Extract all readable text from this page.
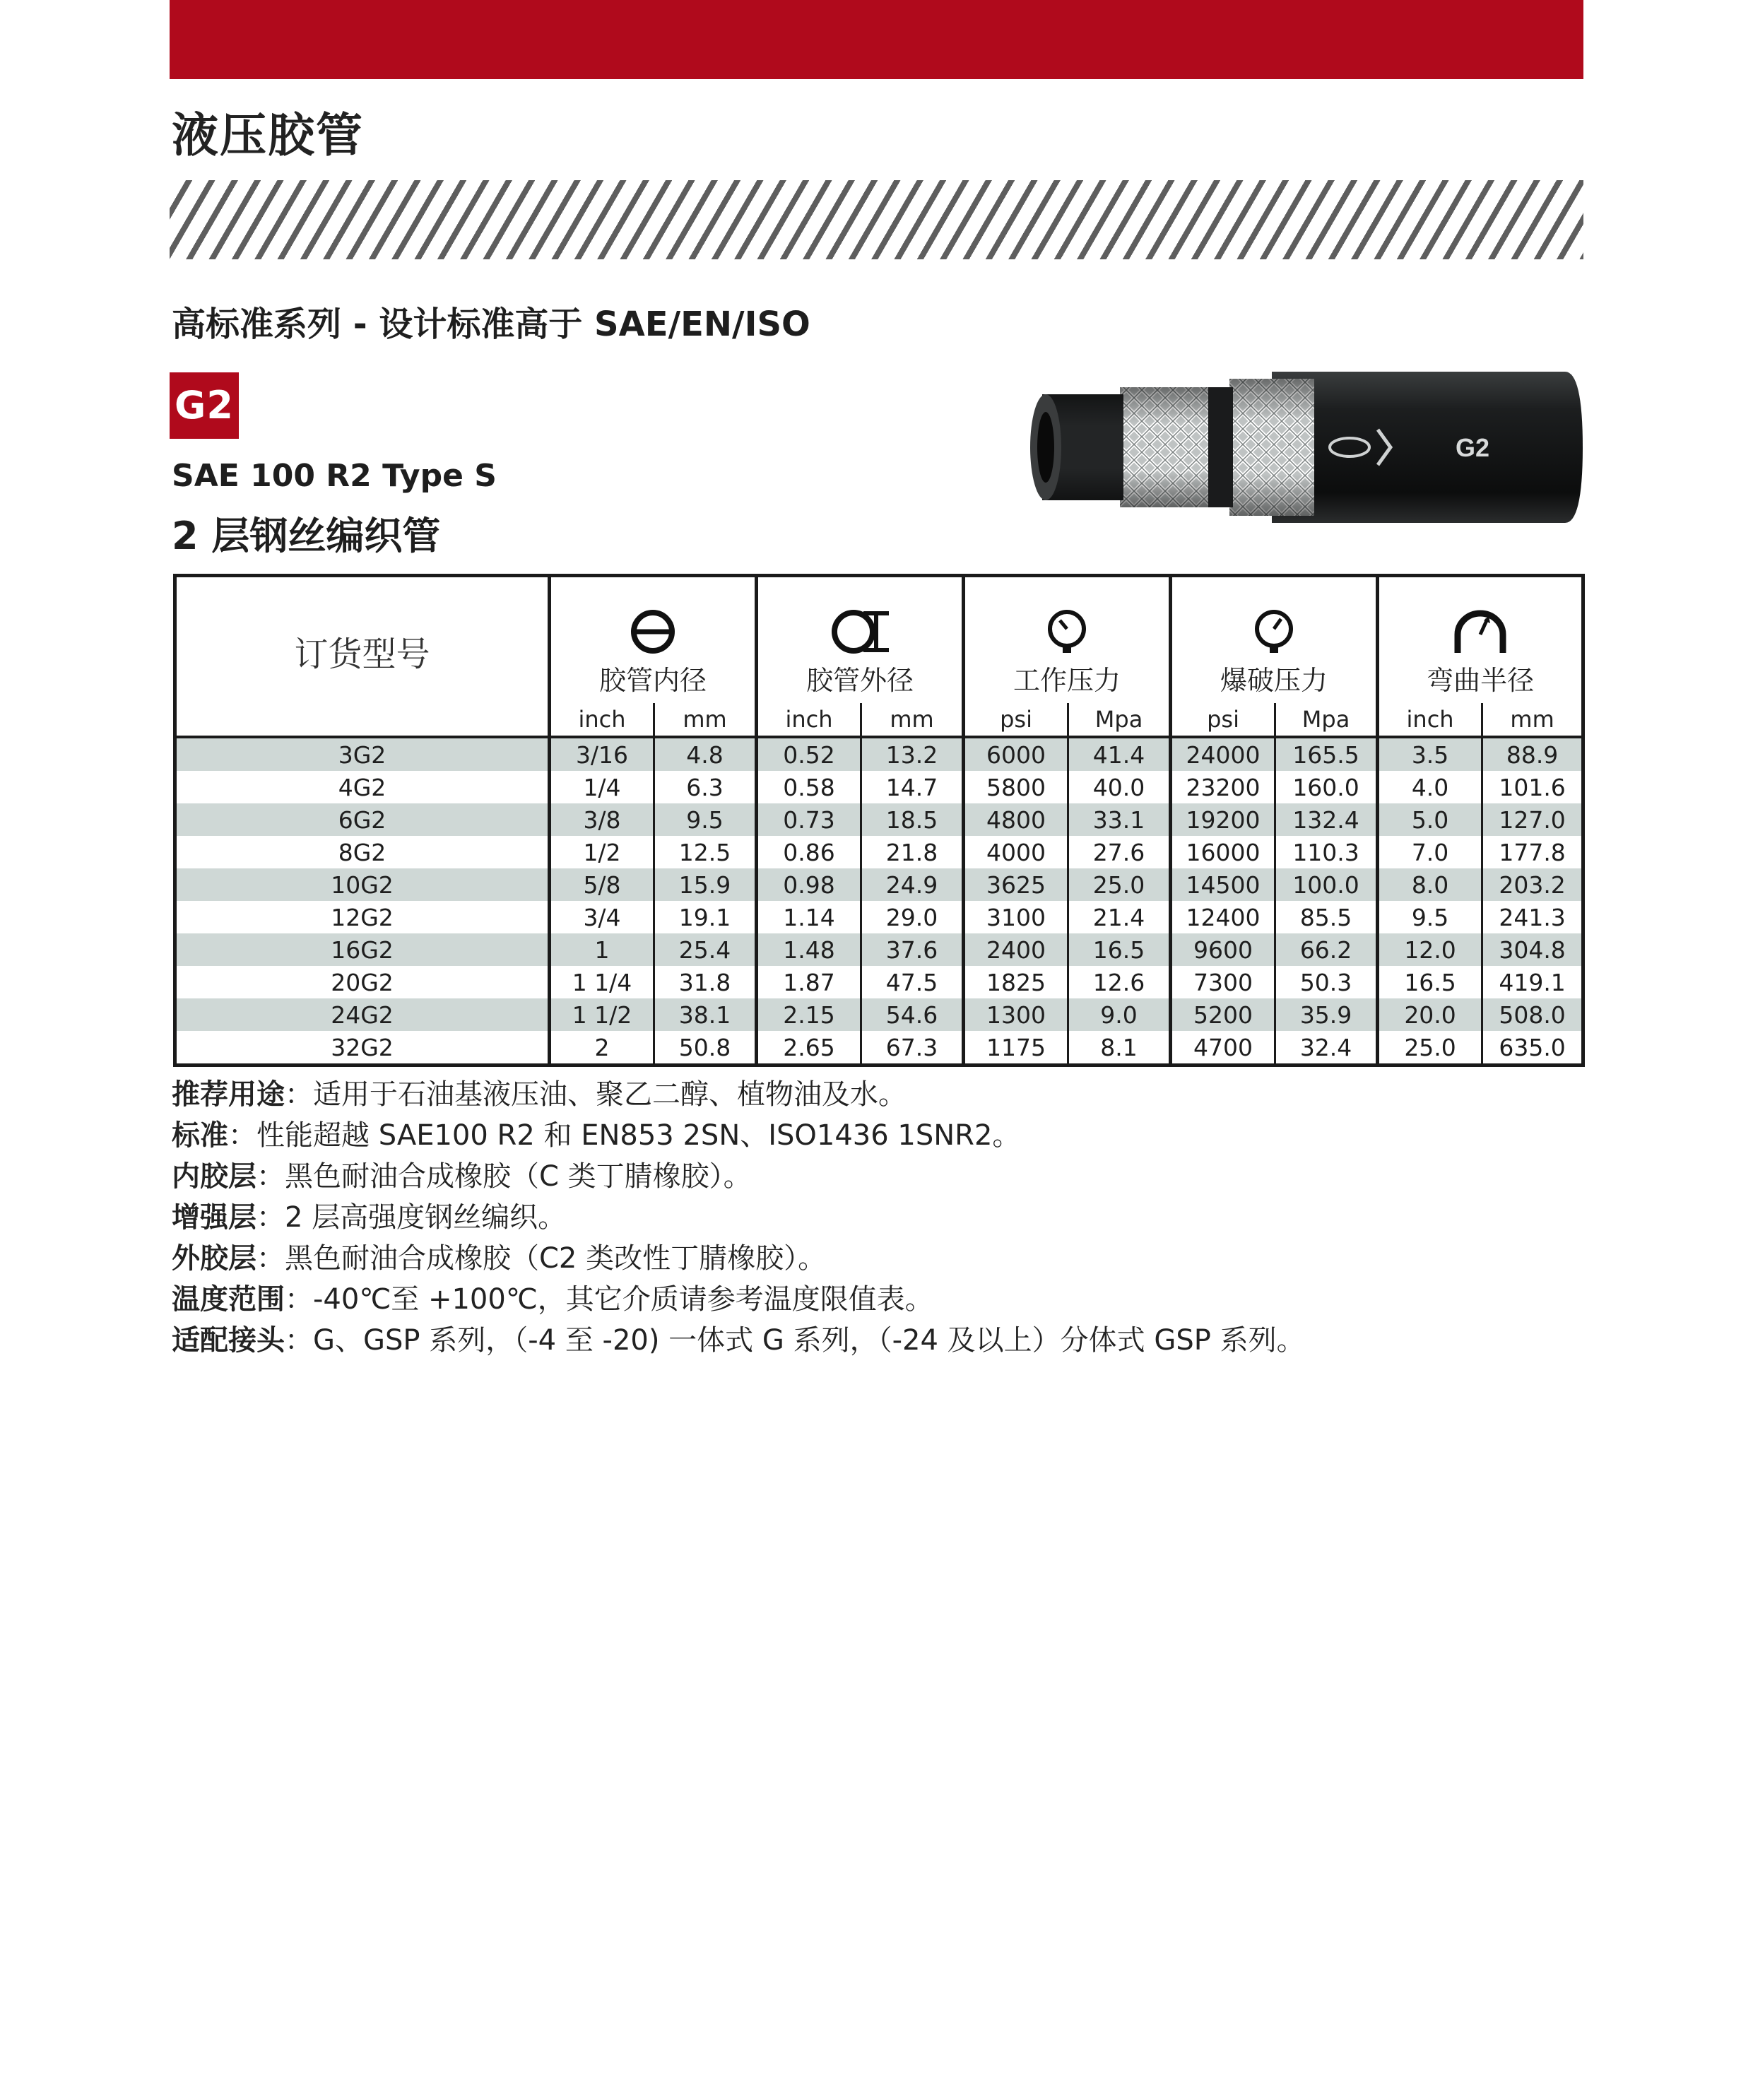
液压胶管
高标准系列 - 设计标准高于 SAE/EN/ISO
G2
SAE 100 R2 Type S
2 层钢丝编织管
G2
订货型号	胶管内径		胶管外径		工作压力		爆破压力		弯曲半径	

	inch	mm	inch	mm	psi	Mpa	psi	Mpa	inch	mm
3G2	3/16	4.8	0.52	13.2	6000	41.4	24000	165.5	3.5	88.9
4G2	1/4	6.3	0.58	14.7	5800	40.0	23200	160.0	4.0	101.6
6G2	3/8	9.5	0.73	18.5	4800	33.1	19200	132.4	5.0	127.0
8G2	1/2	12.5	0.86	21.8	4000	27.6	16000	110.3	7.0	177.8
10G2	5/8	15.9	0.98	24.9	3625	25.0	14500	100.0	8.0	203.2
12G2	3/4	19.1	1.14	29.0	3100	21.4	12400	85.5	9.5	241.3
16G2	1	25.4	1.48	37.6	2400	16.5	9600	66.2	12.0	304.8
20G2	1 1/4	31.8	1.87	47.5	1825	12.6	7300	50.3	16.5	419.1
24G2	1 1/2	38.1	2.15	54.6	1300	9.0	5200	35.9	20.0	508.0
32G2	2	50.8	2.65	67.3	1175	8.1	4700	32.4	25.0	635.0
推荐用途：适用于石油基液压油、聚乙二醇、植物油及水。
标准：性能超越 SAE100 R2 和 EN853 2SN、ISO1436 1SNR2。
内胶层：黑色耐油合成橡胶（C 类丁腈橡胶）。
增强层：2 层高强度钢丝编织。
外胶层：黑色耐油合成橡胶（C2 类改性丁腈橡胶）。
温度范围：-40℃至 +100℃，其它介质请参考温度限值表。
适配接头：G、GSP 系列，（-4 至 -20) 一体式 G 系列，（-24 及以上）分体式 GSP 系列。
